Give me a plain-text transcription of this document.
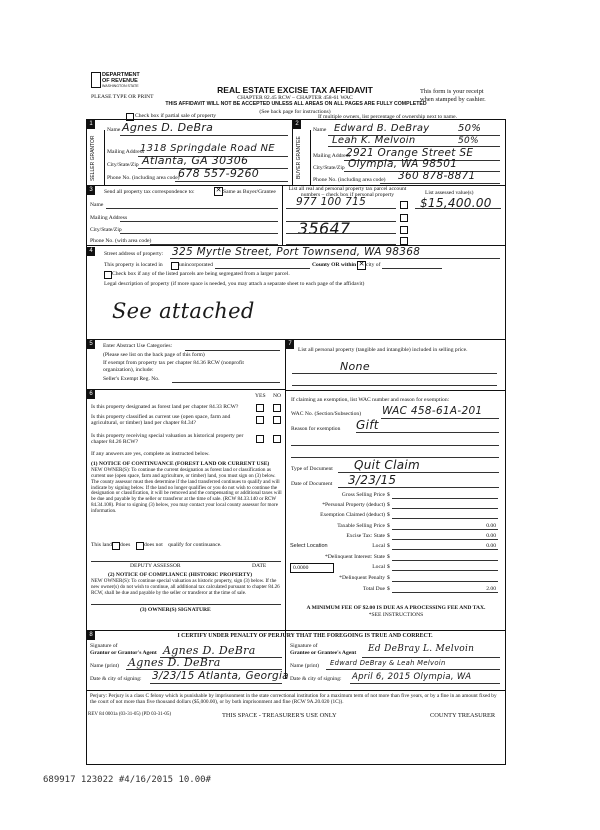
DEPARTMENT
OF REVENUE
WASHINGTON STATE
PLEASE TYPE OR PRINT
REAL ESTATE EXCISE TAX AFFIDAVIT
CHAPTER 82.45 RCW – CHAPTER 458-61 WAC
THIS AFFIDAVIT WILL NOT BE ACCEPTED UNLESS ALL AREAS ON ALL PAGES ARE FULLY COMPLETED
(See back page for instructions)
This form is your receipt
when stamped by cashier.
Check box if partial sale of property	If multiple owners, list percentage of ownership next to name.
1	2
SELLER GRANTOR	BUYER GRANTEE
Name Agnes D. DeBra
Mailing Address
1318 Springdale Road NE
City/State/Zip Atlanta, GA 30306
Phone No. (including area code)
678 557-9260
Name Edward B. DeBray	50%
Leah K. Melvoin	50%
Mailing Address
2921 Orange Street SE
City/State/Zip Olympia, WA 98501
Phone No. (including area code) 360 878-8871
3	Send all property tax correspondence to:	✕ Same as Buyer/Grantee
Name
Mailing Address
City/State/Zip
Phone No. (with area code)
List all real and personal property tax parcel account numbers – check box if personal property	List assessed value(s)
977 100 715
35647
$15,400.00
4	Street address of property: 325 Myrtle Street, Port Townsend, WA 98368
This property is located in	unincorporated	County OR within ✕ city of
Check box if any of the listed parcels are being segregated from a larger parcel.
Legal description of property (if more space is needed, you may attach a separate sheet to each page of the affidavit)
See attached
5	Enter Abstract Use Categories:
(Please see list on the back page of this form)
If exempt from property tax per chapter 84.36 RCW (nonprofit
organization), include:
Seller's Exempt Reg. No.
7
List all personal property (tangible and intangible) included in selling price.
None
6	YES NO
Is this property designated as forest land per chapter 84.33 RCW?
Is this property classified as current use (open space, farm and agricultural, or timber) land per chapter 84.34?
Is this property receiving special valuation as historical property per chapter 84.26 RCW?
If any answers are yes, complete as instructed below.
(1) NOTICE OF CONTINUANCE (FOREST LAND OR CURRENT USE)
NEW OWNER(S): To continue the current designation as forest land or classification as current use (open space, farm and agriculture, or timber) land, you must sign on (3) below. The county assessor must then determine if the land transferred continues to qualify and will indicate by signing below. If the land no longer qualifies or you do not wish to continue the designation or classification, it will be removed and the compensating or additional taxes will be due and payable by the seller or transferor at the time of sale. (RCW 84.33.140 or RCW 84.34.108). Prior to signing (3) below, you may contact your local county assessor for more information.
This land does does not qualify for continuance.
DEPUTY ASSESSOR	DATE
(2) NOTICE OF COMPLIANCE (HISTORIC PROPERTY)
NEW OWNER(S): To continue special valuation as historic property, sign (3) below. If the new owner(s) do not wish to continue, all additional tax calculated pursuant to chapter 84.26 RCW, shall be due and payable by the seller or transferor at the time of sale.
(3) OWNER(S) SIGNATURE
If claiming an exemption, list WAC number and reason for exemption:
WAC No. (Section/Subsection) WAC 458-61A-201
Reason for exemption Gift
Type of Document Quit Claim
Date of Document 3/23/15
Gross Selling Price $
*Personal Property (deduct) $
Exemption Claimed (deduct) $
Taxable Selling Price $	0.00
Excise Tax: State $	0.00
Select Location	Local $	0.00
*Delinquent Interest: State $
0.0000	Local $
*Delinquent Penalty $
Total Due $	2.00
A MINIMUM FEE OF $2.00 IS DUE AS A PROCESSING FEE AND TAX.
*SEE INSTRUCTIONS
8	I CERTIFY UNDER PENALTY OF PERJURY THAT THE FOREGOING IS TRUE AND CORRECT.
Signature of
Grantor or Grantor's Agent Agnes D. DeBra
Name (print) Agnes D. DeBra
Date & city of signing: 3/23/15 Atlanta, Georgia
Signature of
Grantee or Grantee's Agent Ed DeBray L. Melvoin
Name (print) Edward DeBray & Leah Melvoin
Date & city of signing: April 6, 2015 Olympia, WA
Perjury: Perjury is a class C felony which is punishable by imprisonment in the state correctional institution for a maximum term of not more than five years, or by a fine in an amount fixed by the court of not more than five thousand dollars ($5,000.00), or by both imprisonment and fine (RCW 9A.20.020 (1C)).
REV 84 0001a (03-31-05) (PD 03-31-05)	THIS SPACE - TREASURER'S USE ONLY	COUNTY TREASURER
689917 123022 #4/16/2015 10.00#
